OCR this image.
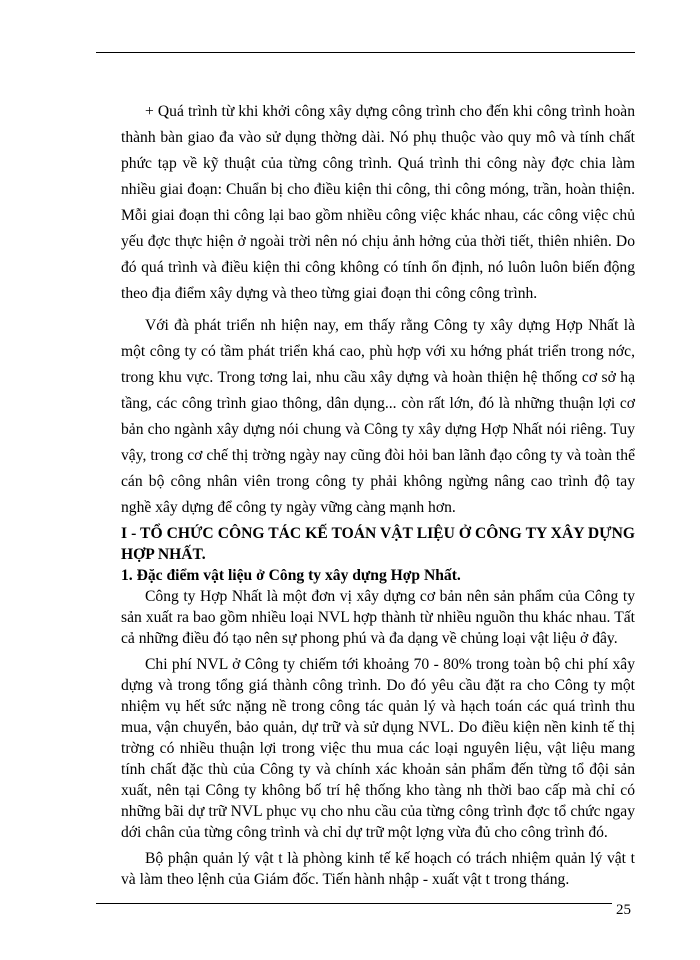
+ Quá trình từ khi khởi công xây dựng công trình cho đến khi công trình hoàn thành bàn giao đa vào sử dụng thờng dài. Nó phụ thuộc vào quy mô và tính chất phức tạp về kỹ thuật của từng công trình. Quá trình thi công này đợc chia làm nhiều giai đoạn: Chuẩn bị cho điều kiện thi công, thi công móng, trần, hoàn thiện. Mỗi giai đoạn thi công lại bao gồm nhiều công việc khác nhau, các công việc chủ yếu đợc thực hiện ở ngoài trời nên nó chịu ảnh hởng của thời tiết, thiên nhiên. Do đó quá trình và điều kiện thi công không có tính ổn định, nó luôn luôn biến động theo địa điểm xây dựng và theo từng giai đoạn thi công công trình.

Với đà phát triển nh hiện nay, em thấy rằng Công ty xây dựng Hợp Nhất là một công ty có tầm phát triển khá cao, phù hợp với xu hớng phát triển trong nớc, trong khu vực. Trong tơng lai, nhu cầu xây dựng và hoàn thiện hệ thống cơ sở hạ tầng, các công trình giao thông, dân dụng... còn rất lớn, đó là những thuận lợi cơ bản cho ngành xây dựng nói chung và Công ty xây dựng Hợp Nhất nói riêng. Tuy vậy, trong cơ chế thị trờng ngày nay cũng đòi hỏi ban lãnh đạo công ty và toàn thể cán bộ công nhân viên trong công ty phải không ngừng nâng cao trình độ tay nghề xây dựng để công ty ngày vững càng mạnh hơn.

I - TỔ CHỨC CÔNG TÁC KẾ TOÁN VẬT LIỆU Ở CÔNG TY XÂY DỰNG HỢP NHẤT.

1. Đặc điểm vật liệu ở Công ty xây dựng Hợp Nhất.

Công ty Hợp Nhất là một đơn vị xây dựng cơ bản nên sản phẩm của Công ty sản xuất ra bao gồm nhiều loại NVL hợp thành từ nhiều nguồn thu khác nhau. Tất cả những điều đó tạo nên sự phong phú và đa dạng về chủng loại vật liệu ở đây.

Chi phí NVL ở Công ty chiếm tới khoảng 70 - 80% trong toàn bộ chi phí xây dựng và trong tổng giá thành công trình. Do đó yêu cầu đặt ra cho Công ty một nhiệm vụ hết sức nặng nề trong công tác quản lý và hạch toán các quá trình thu mua, vận chuyển, bảo quản, dự trữ và sử dụng NVL. Do điều kiện nền kinh tế thị trờng có nhiều thuận lợi trong việc thu mua các loại nguyên liệu, vật liệu mang tính chất đặc thù của Công ty và chính xác khoản sản phẩm đến từng tổ đội sản xuất, nên tại Công ty không bố trí hệ thống kho tàng nh thời bao cấp mà chỉ có những bãi dự trữ NVL phục vụ cho nhu cầu của từng công trình đợc tổ chức ngay dới chân của từng công trình và chỉ dự trữ một lợng vừa đủ cho công trình đó.

Bộ phận quản lý vật t là phòng kinh tế kế hoạch có trách nhiệm quản lý vật t và làm theo lệnh của Giám đốc. Tiến hành nhập - xuất vật t trong tháng.

25
